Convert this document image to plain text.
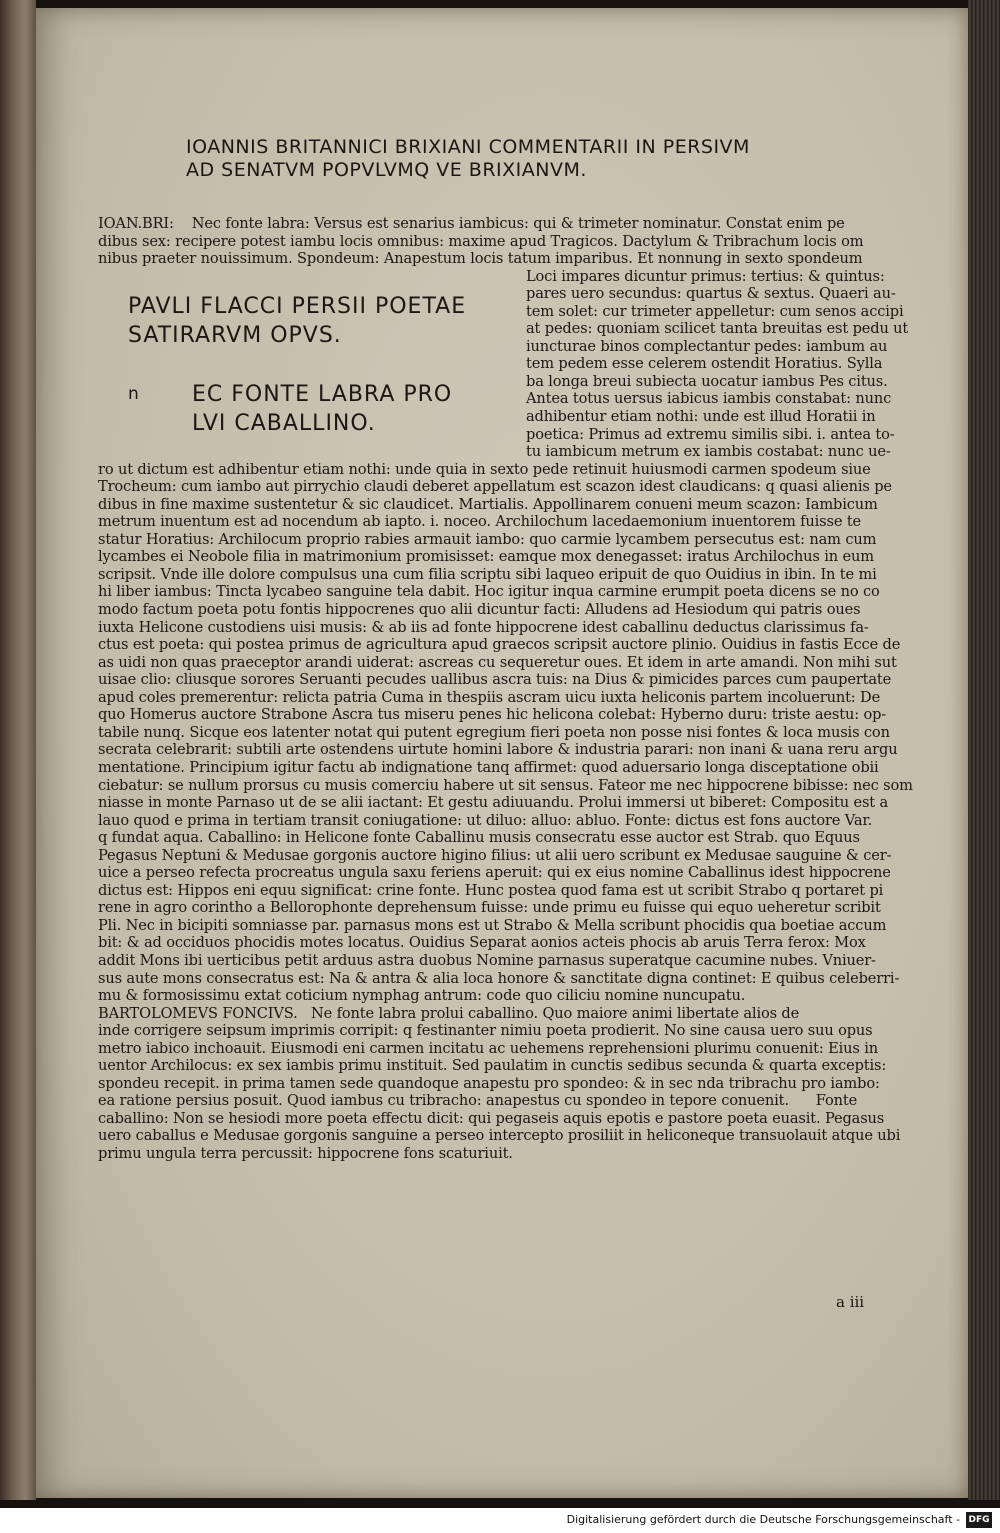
IOANNIS BRITANNICI BRIXIANI COMMENTARII IN PERSIVM
AD SENATVM POPVLVMQ VE BRIXIANVM.
PAVLI FLACCI PERSII POETAE
SATIRARVM OPVS.
n EC FONTE LABRA PRO
LVI CABALLINO.
IOAN.BRI:    Nec fonte labra: Versus est senarius iambicus: qui & trimeter nominatur. Constat enim pe
dibus sex: recipere potest iambu locis omnibus: maxime apud Tragicos. Dactylum & Tribrachum locis om
nibus praeter nouissimum. Spondeum: Anapestum locis tatum imparibus. Et nonnung in sexto spondeum
Loci impares dicuntur primus: tertius: & quintus:
pares uero secundus: quartus & sextus. Quaeri au-
tem solet: cur trimeter appelletur: cum senos accipi
at pedes: quoniam scilicet tanta breuitas est pedu ut
iuncturae binos complectantur pedes: iambum au
tem pedem esse celerem ostendit Horatius. Sylla
ba longa breui subiecta uocatur iambus Pes citus.
Antea totus uersus iabicus iambis constabat: nunc
adhibentur etiam nothi: unde est illud Horatii in
poetica: Primus ad extremu similis sibi. i. antea to-
tu iambicum metrum ex iambis costabat: nunc ue-
ro ut dictum est adhibentur etiam nothi: unde quia in sexto pede retinuit huiusmodi carmen spodeum siue
Trocheum: cum iambo aut pirrychio claudi deberet appellatum est scazon idest claudicans: q quasi alienis pe
dibus in fine maxime sustentetur & sic claudicet. Martialis. Appollinarem conueni meum scazon: Iambicum
metrum inuentum est ad nocendum ab iapto. i. noceo. Archilochum lacedaemonium inuentorem fuisse te
statur Horatius: Archilocum proprio rabies armauit iambo: quo carmie lycambem persecutus est: nam cum
lycambes ei Neobole filia in matrimonium promisisset: eamque mox denegasset: iratus Archilochus in eum
scripsit. Vnde ille dolore compulsus una cum filia scriptu sibi laqueo eripuit de quo Ouidius in ibin. In te mi
hi liber iambus: Tincta lycabeo sanguine tela dabit. Hoc igitur inqua carmine erumpit poeta dicens se no co
modo factum poeta potu fontis hippocrenes quo alii dicuntur facti: Alludens ad Hesiodum qui patris oues
iuxta Helicone custodiens uisi musis: & ab iis ad fonte hippocrene idest caballinu deductus clarissimus fa-
ctus est poeta: qui postea primus de agricultura apud graecos scripsit auctore plinio. Ouidius in fastis Ecce de
as uidi non quas praeceptor arandi uiderat: ascreas cu sequeretur oues. Et idem in arte amandi. Non mihi sut
uisae clio: cliusque sorores Seruanti pecudes uallibus ascra tuis: na Dius & pimicides parces cum paupertate
apud coles premerentur: relicta patria Cuma in thespiis ascram uicu iuxta heliconis partem incoluerunt: De
quo Homerus auctore Strabone Ascra tus miseru penes hic helicona colebat: Hyberno duru: triste aestu: op-
tabile nunq. Sicque eos latenter notat qui putent egregium fieri poeta non posse nisi fontes & loca musis con
secrata celebrarit: subtili arte ostendens uirtute homini labore & industria parari: non inani & uana reru argu
mentatione. Principium igitur factu ab indignatione tanq affirmet: quod aduersario longa disceptatione obii
ciebatur: se nullum prorsus cu musis comerciu habere ut sit sensus. Fateor me nec hippocrene bibisse: nec som
niasse in monte Parnaso ut de se alii iactant: Et gestu adiuuandu. Prolui immersi ut biberet: Compositu est a
lauo quod e prima in tertiam transit coniugatione: ut diluo: alluo: abluo. Fonte: dictus est fons auctore Var.
q fundat aqua. Caballino: in Helicone fonte Caballinu musis consecratu esse auctor est Strab. quo Equus
Pegasus Neptuni & Medusae gorgonis auctore higino filius: ut alii uero scribunt ex Medusae sauguine & cer-
uice a perseo refecta procreatus ungula saxu feriens aperuit: qui ex eius nomine Caballinus idest hippocrene
dictus est: Hippos eni equu significat: crine fonte. Hunc postea quod fama est ut scribit Strabo q portaret pi
rene in agro corintho a Bellorophonte deprehensum fuisse: unde primu eu fuisse qui equo ueheretur scribit
Pli. Nec in bicipiti somniasse par. parnasus mons est ut Strabo & Mella scribunt phocidis qua boetiae accum
bit: & ad occiduos phocidis motes locatus. Ouidius Separat aonios acteis phocis ab aruis Terra ferox: Mox
addit Mons ibi uerticibus petit arduus astra duobus Nomine parnasus superatque cacumine nubes. Vniuer-
sus aute mons consecratus est: Na & antra & alia loca honore & sanctitate digna continet: E quibus celeberri-
mu & formosissimu extat coticium nymphag antrum: code quo ciliciu nomine nuncupatu.
BARTOLOMEVS FONCIVS.   Ne fonte labra prolui caballino. Quo maiore animi libertate alios de
inde corrigere seipsum imprimis corripit: q festinanter nimiu poeta prodierit. No sine causa uero suu opus
metro iabico inchoauit. Eiusmodi eni carmen incitatu ac uehemens reprehensioni plurimu conuenit: Eius in
uentor Archilocus: ex sex iambis primu instituit. Sed paulatim in cunctis sedibus secunda & quarta exceptis:
spondeu recepit. in prima tamen sede quandoque anapestu pro spondeo: & in sec nda tribrachu pro iambo:
ea ratione persius posuit. Quod iambus cu tribracho: anapestus cu spondeo in tepore conuenit.      Fonte
caballino: Non se hesiodi more poeta effectu dicit: qui pegaseis aquis epotis e pastore poeta euasit. Pegasus
uero caballus e Medusae gorgonis sanguine a perseo intercepto prosiliit in heliconeque transuolauit atque ubi
primu ungula terra percussit: hippocrene fons scaturiuit.
a iii
Digitalisierung gefördert durch die Deutsche Forschungsgemeinschaft - DFG
